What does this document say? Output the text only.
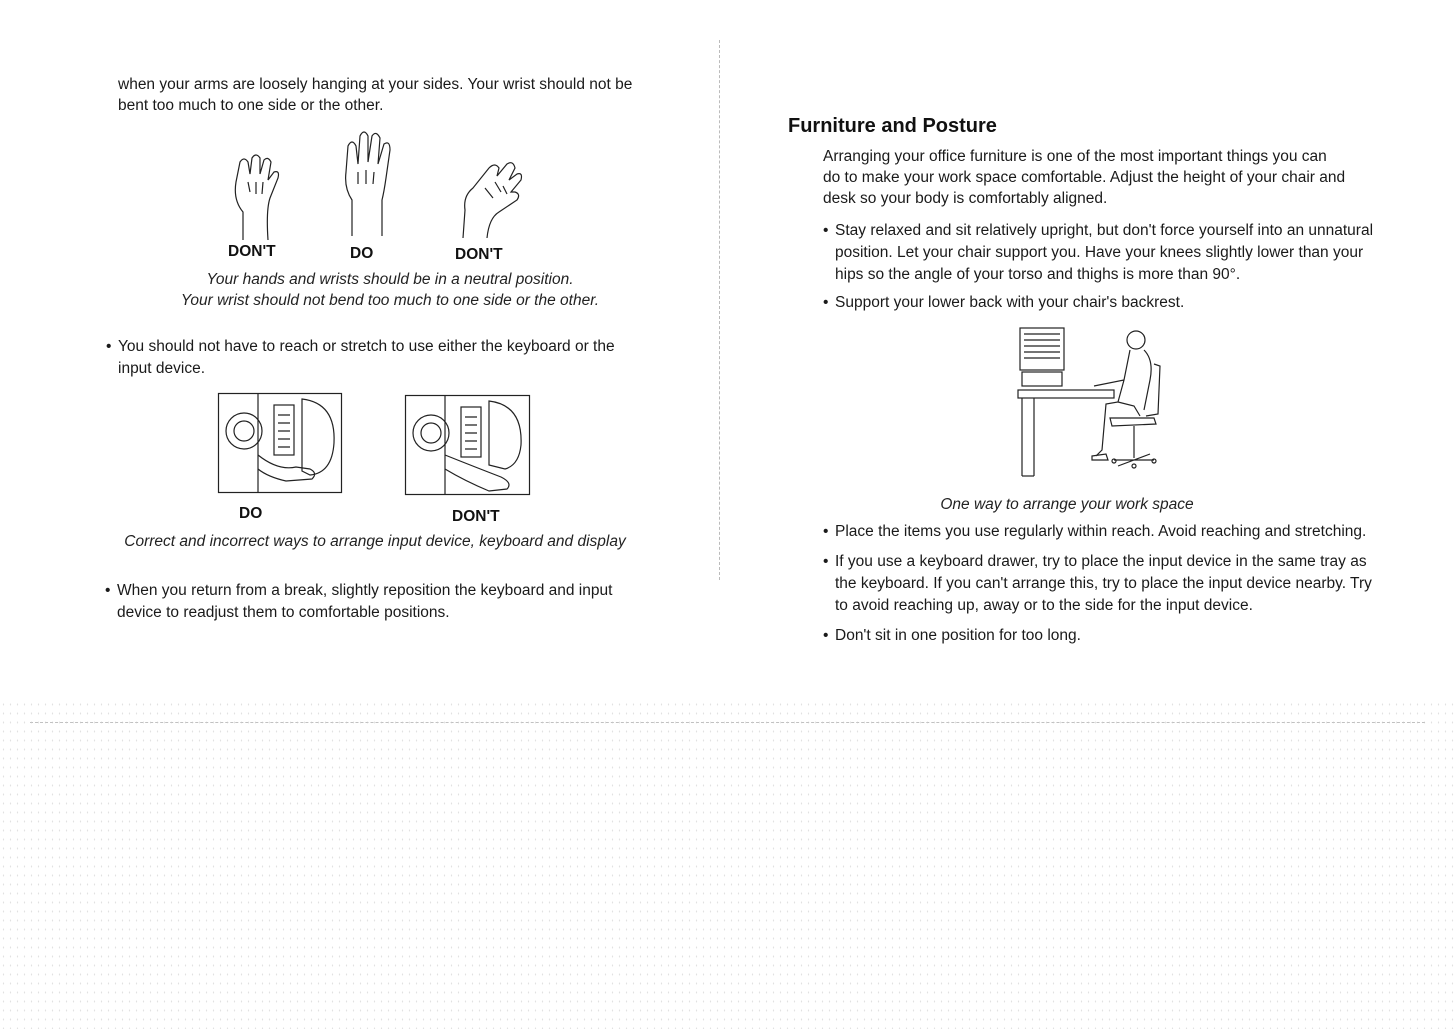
when your arms are loosely hanging at your sides. Your wrist should not be bent too much to one side or the other.

DON'T	DO	DON'T
Your hands and wrists should be in a neutral position.
Your wrist should not bend too much to one side or the other.
• You should not have to reach or stretch to use either the keyboard or the input device.
DO	DON'T
Correct and incorrect ways to arrange input device, keyboard and display
• When you return from a break, slightly reposition the keyboard and input device to readjust them to comfortable positions.
Furniture and Posture

Arranging your office furniture is one of the most important things you can do to make your work space comfortable. Adjust the height of your chair and desk so your body is comfortably aligned.

• Stay relaxed and sit relatively upright, but don't force yourself into an unnatural position. Let your chair support you. Have your knees slightly lower than your hips so the angle of your torso and thighs is more than 90°.
• Support your lower back with your chair's backrest.
One way to arrange your work space
• Place the items you use regularly within reach. Avoid reaching and stretching.
• If you use a keyboard drawer, try to place the input device in the same tray as the keyboard. If you can't arrange this, try to place the input device nearby. Try to avoid reaching up, away or to the side for the input device.
• Don't sit in one position for too long.
